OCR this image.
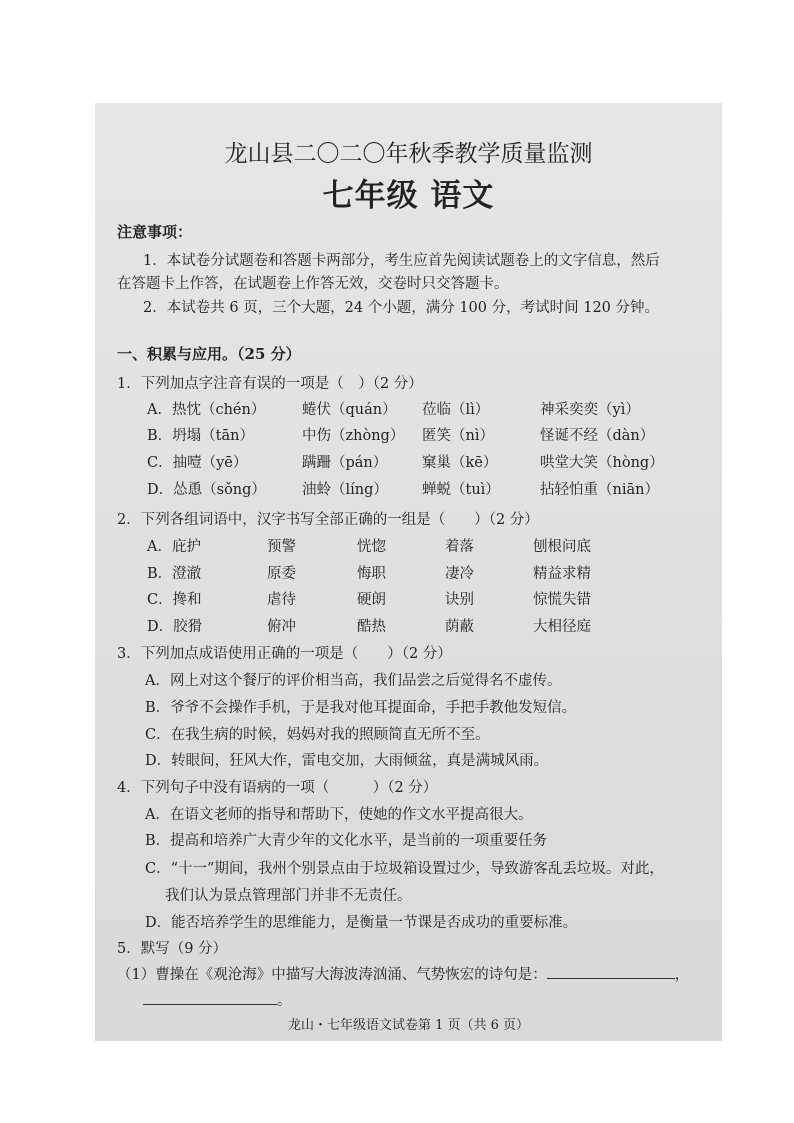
龙山县二〇二〇年秋季教学质量监测
七年级 语文
注意事项：
1．本试卷分试题卷和答题卡两部分，考生应首先阅读试题卷上的文字信息，然后
在答题卡上作答，在试题卷上作答无效，交卷时只交答题卡。
2．本试卷共 6 页，三个大题，24 个小题，满分 100 分，考试时间 120 分钟。
一、积累与应用。（25 分）
1．下列加点字注音有误的一项是（　）（2 分）
A．热忱（chén）	蜷伏（quán） 莅临（lì）	神采奕奕（yì）
B．坍塌（tān）	中伤（zhòng） 匿笑（nì）	怪诞不经（dàn）
C．抽噎（yē）	蹒跚（pán） 窠巢（kē）	哄堂大笑（hòng）
D．怂恿（sǒng） 油蛉（líng） 蝉蜕（tuì）	拈轻怕重（niān）
2．下列各组词语中，汉字书写全部正确的一组是（　　）（2 分）
A．庇护	预警	恍惚	着落	刨根问底
B．澄澈	原委	悔职	凄冷	精益求精
C．搀和	虐待	硬朗	诀别	惊慌失错
D．胶猾	俯冲	酷热	荫蔽	大相径庭
3．下列加点成语使用正确的一项是（　　）（2 分）
A．网上对这个餐厅的评价相当高，我们品尝之后觉得名不虚传。
B．爷爷不会操作手机，于是我对他耳提面命，手把手教他发短信。
C．在我生病的时候，妈妈对我的照顾简直无所不至。
D．转眼间，狂风大作，雷电交加，大雨倾盆，真是满城风雨。
4．下列句子中没有语病的一项（　　　）（2 分）
A．在语文老师的指导和帮助下，使她的作文水平提高很大。
B．提高和培养广大青少年的文化水平，是当前的一项重要任务
C．“十一”期间，我州个别景点由于垃圾箱设置过少，导致游客乱丢垃圾。对此，
我们认为景点管理部门并非不无责任。
D．能否培养学生的思维能力，是衡量一节课是否成功的重要标准。
5．默写（9 分）
（1）曹操在《观沧海》中描写大海波涛汹涌、气势恢宏的诗句是：	，
。
龙山・七年级语文试卷第 1 页（共 6 页）
